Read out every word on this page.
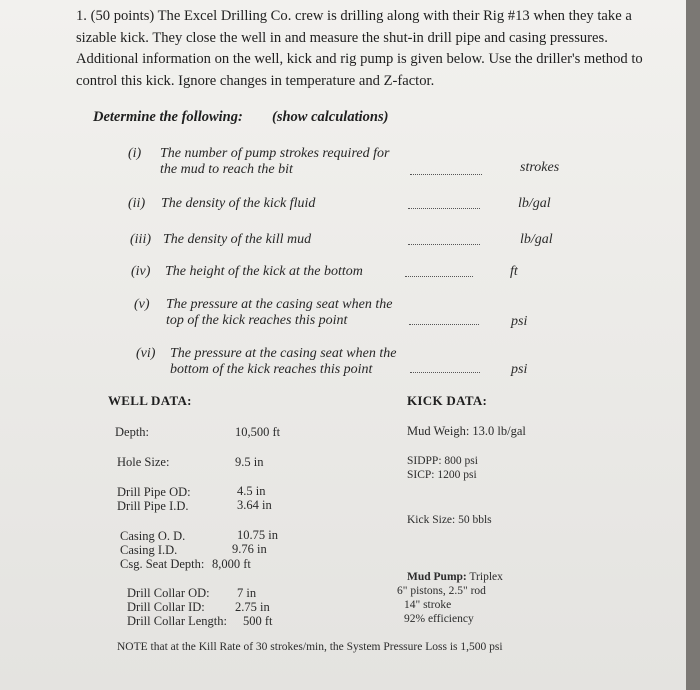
1. (50 points) The Excel Drilling Co. crew is drilling along with their Rig #13 when they take a
sizable kick. They close the well in and measure the shut-in drill pipe and casing pressures.
Additional information on the well, kick and rig pump is given below. Use the driller's method to
control this kick. Ignore changes in temperature and Z-factor.
Determine the following: (show calculations)
(i) The number of pump strokes required for
the mud to reach the bit	strokes
(ii) The density of the kick fluid	lb/gal
(iii) The density of the kill mud	lb/gal
(iv) The height of the kick at the bottom	ft
(v) The pressure at the casing seat when the
top of the kick reaches this point	psi
(vi) The pressure at the casing seat when the
bottom of the kick reaches this point	psi
WELL DATA:
Depth:	10,500 ft
Hole Size:	9.5 in
Drill Pipe OD:	4.5 in
Drill Pipe I.D.	3.64 in
Casing O. D.	10.75 in
Casing I.D.	9.76 in
Csg. Seat Depth: 8,000 ft
Drill Collar OD: 7 in
Drill Collar ID: 2.75 in
Drill Collar Length: 500 ft
KICK DATA:
Mud Weigh: 13.0 lb/gal
SIDPP: 800 psi
SICP: 1200 psi
Kick Size: 50 bbls
Mud Pump: Triplex
6" pistons, 2.5" rod
14" stroke
92% efficiency
NOTE that at the Kill Rate of 30 strokes/min, the System Pressure Loss is 1,500 psi
